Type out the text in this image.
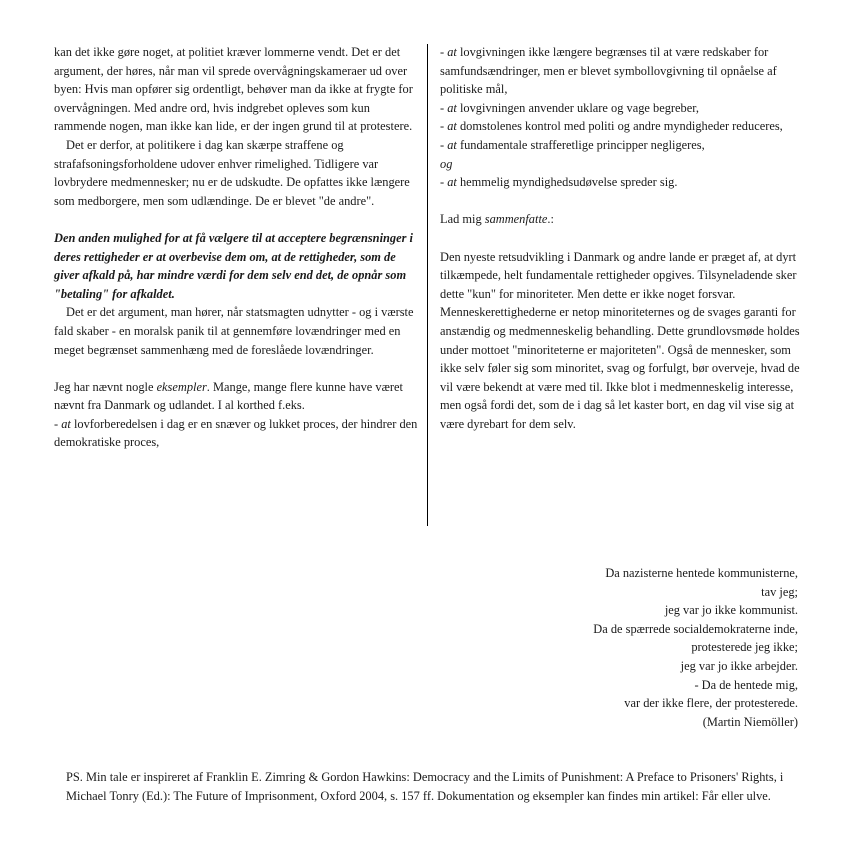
kan det ikke gøre noget, at politiet kræver lommerne vendt. Det er det argument, der høres, når man vil sprede overvågningskameraer ud over byen: Hvis man opfører sig ordentligt, behøver man da ikke at frygte for overvågningen. Med andre ord, hvis indgrebet opleves som kun rammende nogen, man ikke kan lide, er der ingen grund til at protestere.

Det er derfor, at politikere i dag kan skærpe straffene og strafafsoningsforholdene udover enhver rimelighed. Tidligere var lovbrydere medmennesker; nu er de udskudte. De opfattes ikke længere som medborgere, men som udlændinge. De er blevet "de andre".

Den anden mulighed for at få vælgere til at acceptere begrænsninger i deres rettigheder er at overbevise dem om, at de rettigheder, som de giver afkald på, har mindre værdi for dem selv end det, de opnår som "betaling" for afkaldet.

Det er det argument, man hører, når statsmagten udnytter - og i værste fald skaber - en moralsk panik til at gennemføre lovændringer med en meget begrænset sammenhæng med de foreslåede lovændringer.

Jeg har nævnt nogle eksempler. Mange, mange flere kunne have været nævnt fra Danmark og udlandet. I al korthed f.eks.

- at lovforberedelsen i dag er en snæver og lukket proces, der hindrer den demokratiske proces,

- at lovgivningen ikke længere begrænses til at være redskaber for samfundsændringer, men er blevet symbollovgivning til opnåelse af politiske mål,

- at lovgivningen anvender uklare og vage begreber,

- at domstolenes kontrol med politi og andre myndigheder reduceres,

- at fundamentale strafferetlige principper negligeres,

og

- at hemmelig myndighedsudøvelse spreder sig.

Lad mig sammenfatte.:

Den nyeste retsudvikling i Danmark og andre lande er præget af, at dyrt tilkæmpede, helt fundamentale rettigheder opgives. Tilsyneladende sker dette "kun" for minoriteter. Men dette er ikke noget forsvar. Menneskerettighederne er netop minoriteternes og de svages garanti for anstændig og medmenneskelig behandling. Dette grundlovsmøde holdes under mottoet "minoriteterne er majoriteten". Også de mennesker, som ikke selv føler sig som minoritet, svag og forfulgt, bør overveje, hvad de vil være bekendt at være med til. Ikke blot i medmenneskelig interesse, men også fordi det, som de i dag så let kaster bort, en dag vil vise sig at være dyrebart for dem selv.

Da nazisterne hentede kommunisterne,
tav jeg;
jeg var jo ikke kommunist.
Da de spærrede socialdemokraterne inde,
protesterede jeg ikke;
jeg var jo ikke arbejder.
- Da de hentede mig,
var der ikke flere, der protesterede.
(Martin Niemöller)

PS. Min tale er inspireret af Franklin E. Zimring & Gordon Hawkins: Democracy and the Limits of Punishment: A Preface to Prisoners' Rights, i Michael Tonry (Ed.): The Future of Imprisonment, Oxford 2004, s. 157 ff. Dokumentation og eksempler kan findes min artikel: Får eller ulve.
